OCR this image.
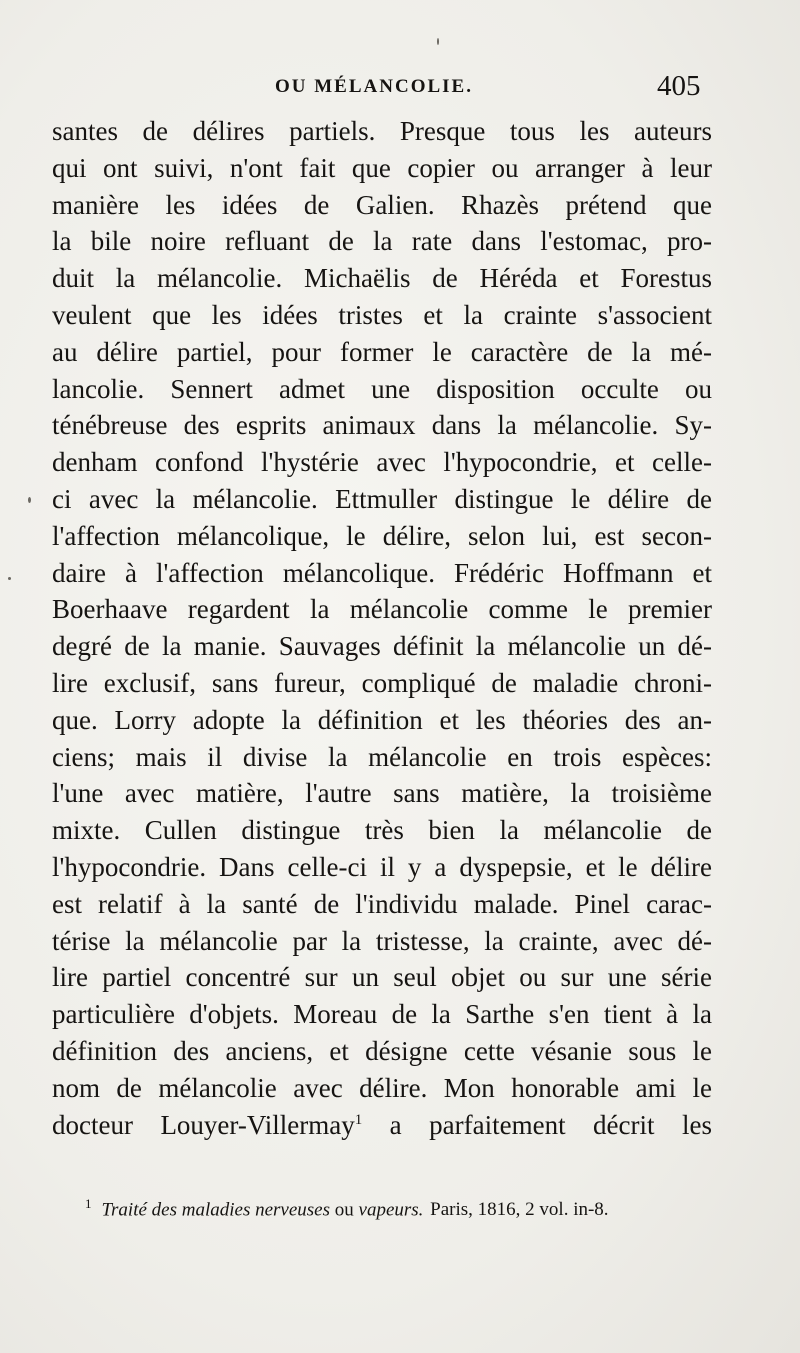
OU MÉLANCOLIE.	405
santes de délires partiels. Presque tous les auteurs
qui ont suivi, n'ont fait que copier ou arranger à leur
manière les idées de Galien. Rhazès prétend que
la bile noire refluant de la rate dans l'estomac, pro-
duit la mélancolie. Michaëlis de Héréda et Forestus
veulent que les idées tristes et la crainte s'associent
au délire partiel, pour former le caractère de la mé-
lancolie. Sennert admet une disposition occulte ou
ténébreuse des esprits animaux dans la mélancolie. Sy-
denham confond l'hystérie avec l'hypocondrie, et celle-
ci avec la mélancolie. Ettmuller distingue le délire de
l'affection mélancolique, le délire, selon lui, est secon-
daire à l'affection mélancolique. Frédéric Hoffmann et
Boerhaave regardent la mélancolie comme le premier
degré de la manie. Sauvages définit la mélancolie un dé-
lire exclusif, sans fureur, compliqué de maladie chroni-
que. Lorry adopte la définition et les théories des an-
ciens; mais il divise la mélancolie en trois espèces:
l'une avec matière, l'autre sans matière, la troisième
mixte. Cullen distingue très bien la mélancolie de
l'hypocondrie. Dans celle-ci il y a dyspepsie, et le délire
est relatif à la santé de l'individu malade. Pinel carac-
térise la mélancolie par la tristesse, la crainte, avec dé-
lire partiel concentré sur un seul objet ou sur une série
particulière d'objets. Moreau de la Sarthe s'en tient à la
définition des anciens, et désigne cette vésanie sous le
nom de mélancolie avec délire. Mon honorable ami le
docteur Louyer-Villermay$^1$ a parfaitement décrit les
$^1$ Traité des maladies nerveuses ou vapeurs. Paris, 1816, 2 vol. in-8.
